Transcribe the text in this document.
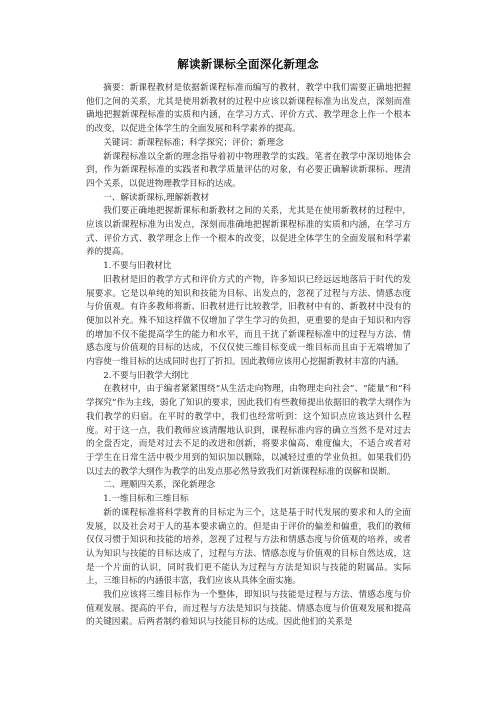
解读新课标全面深化新理念

摘要：新课程教材是依据新课程标准而编写的教材，教学中我们需要正确地把握他们之间的关系，尤其是使用新教材的过程中应该以新课程标准为出发点，深刻而准确地把握新课程标准的实质和内涵，在学习方式、评价方式、教学理念上作一个根本的改变，以促进全体学生的全面发展和科学素养的提高。

关键词：新课程标准；科学探究；评价；新理念

新课程标准以全新的理念指导着初中物理教学的实践。笔者在教学中深切地体会到，作为新课程标准的实践者和教学质量评估的对象，有必要正确解读新课标、理清四个关系，以促进物理教学目标的达成。

一、解读新课标,理解新教材

我们要正确地把握新课标和新教材之间的关系，尤其是在使用新教材的过程中，应该以新课程标准为出发点，深刻而准确地把握新课程标准的实质和内涵，在学习方式、评价方式、教学理念上作一个根本的改变，以促进全体学生的全面发展和科学素养的提高。

1.不要与旧教材比

旧教材是旧的教学方式和评价方式的产物，许多知识已经远远地落后于时代的发展要求。它是以单纯的知识和技能为目标、出发点的，忽视了过程与方法、情感态度与价值观。有许多教师将新、旧教材进行比较教学，旧教材中有的、新教材中没有的便加以补充。殊不知这样做不仅增加了学生学习的负担，更重要的是由于知识和内容的增加不仅不能提高学生的能力和水平，而且干扰了新课程标准中的过程与方法、情感态度与价值观的目标的达成，不仅仅使三维目标变成一维目标而且由于无端增加了内容使一维目标的达成同时也打了折扣。因此教师应该用心挖掘新教材丰富的内涵。

2.不要与旧教学大纲比

在教材中，由于编者紧紧围绕“从生活走向物理，由物理走向社会”、“能量”和“科学探究”作为主线，弱化了知识的要求，因此我们有些教师提出依据旧的教学大纲作为我们教学的归宿。在平时的教学中，我们也经常听到：这个知识点应该达到什么程度。对于这一点，我们教师应该清醒地认识到，课程标准内容的确立当然不是对过去的全盘否定，而是对过去不足的改进和创新，将要求偏高、难度偏大，不适合或者对于学生在日常生活中极少用到的知识加以删除，以减轻过重的学业负担。如果我们仍以过去的教学大纲作为教学的出发点那必然导致我们对新课程标准的误解和误断。

二、理顺四关系，深化新理念

1.一维目标和三维目标

新的课程标准将科学教育的目标定为三个，这是基于时代发展的要求和人的全面发展，以及社会对于人的基本要求确立的。但是由于评价的偏差和偏重，我们的教师仅仅习惯于知识和技能的培养，忽视了过程与方法和情感态度与价值观的培养，或者认为知识与技能的目标达成了，过程与方法、情感态度与价值观的目标自然达成，这是一个片面的认识，同时我们更不能认为过程与方法是知识与技能的附属品。实际上，三维目标的内涵很丰富，我们应该从具体全面实施。

我们应该将三维目标作为一个整体，即知识与技能是过程与方法、情感态度与价值观发展、提高的平台，而过程与方法是知识与技能、情感态度与价值观发展和提高的关键因素。后两者制约着知识与技能目标的达成。因此他们的关系是
